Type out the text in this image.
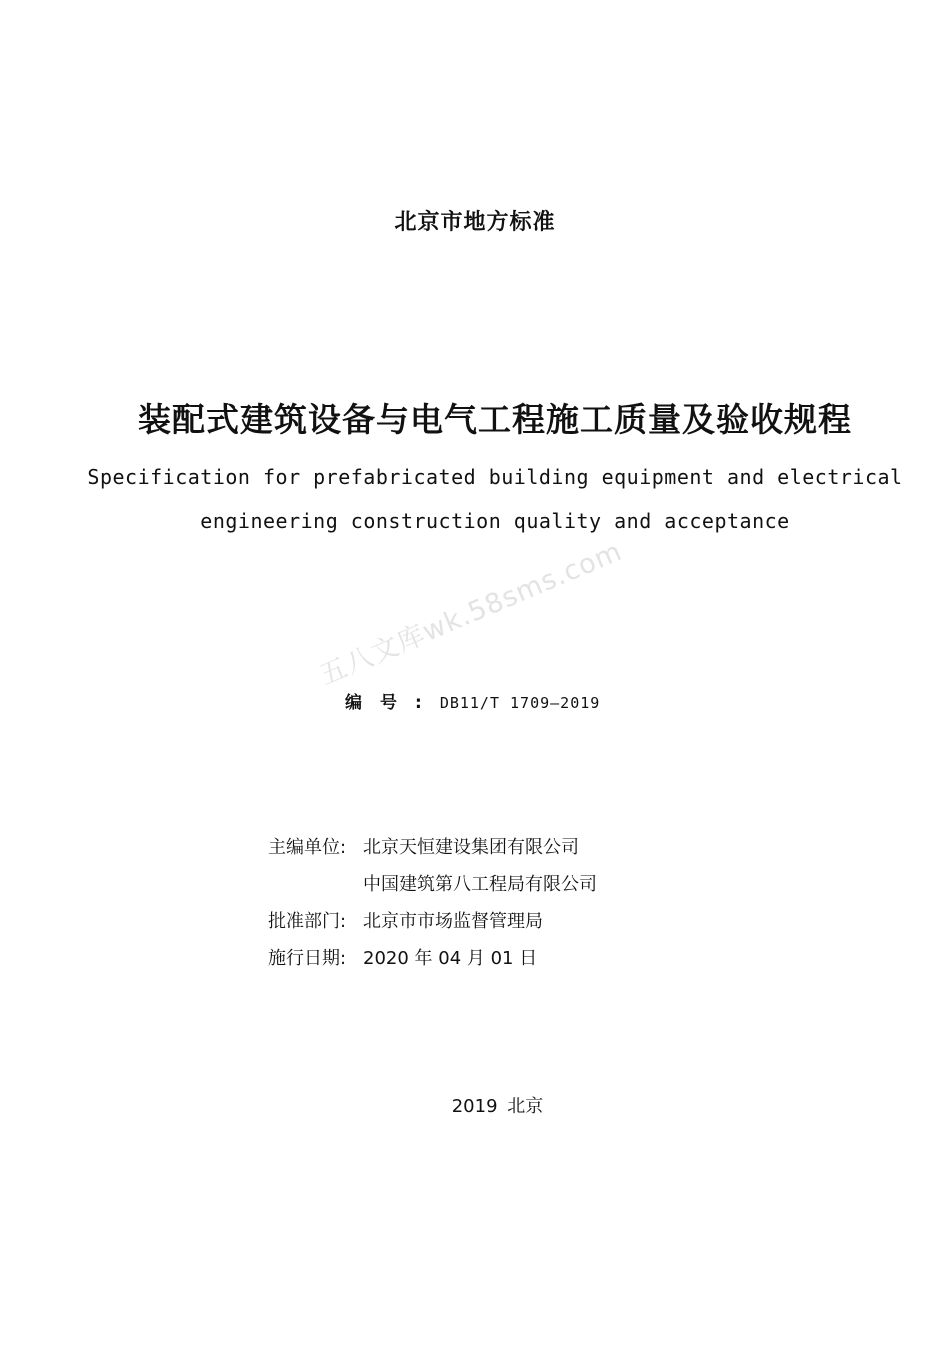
北京市地方标准
装配式建筑设备与电气工程施工质量及验收规程
Specification for prefabricated building equipment and electrical
engineering construction quality and acceptance
五八文库wk.58sms.com
编号:DB11/T 1709—2019
主编单位: 北京天恒建设集团有限公司
中国建筑第八工程局有限公司
批准部门: 北京市市场监督管理局
施行日期: 2020 年 04 月 01 日
2019 北京
